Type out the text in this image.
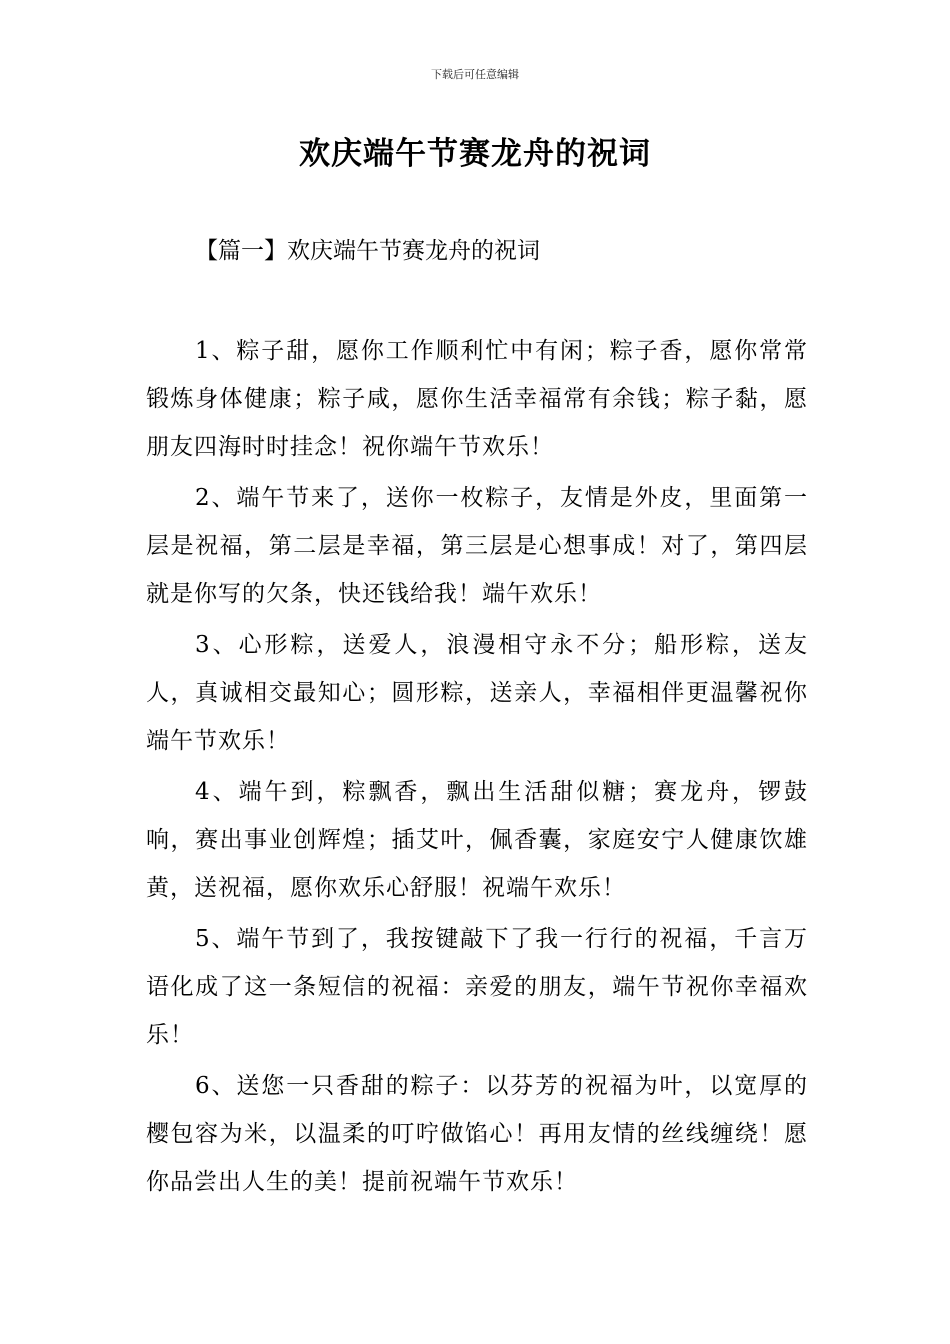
下载后可任意编辑
欢庆端午节赛龙舟的祝词
【篇一】欢庆端午节赛龙舟的祝词

1、粽子甜，愿你工作顺利忙中有闲；粽子香，愿你常常锻炼身体健康；粽子咸，愿你生活幸福常有余钱；粽子黏，愿朋友四海时时挂念！祝你端午节欢乐！

2、端午节来了，送你一枚粽子，友情是外皮，里面第一层是祝福，第二层是幸福，第三层是心想事成！对了，第四层就是你写的欠条，快还钱给我！端午欢乐！

3、心形粽，送爱人，浪漫相守永不分；船形粽，送友人，真诚相交最知心；圆形粽，送亲人，幸福相伴更温馨祝你端午节欢乐！

4、端午到，粽飘香，飘出生活甜似糖；赛龙舟，锣鼓响，赛出事业创辉煌；插艾叶，佩香囊，家庭安宁人健康饮雄黄，送祝福，愿你欢乐心舒服！祝端午欢乐！

5、端午节到了，我按键敲下了我一行行的祝福，千言万语化成了这一条短信的祝福：亲爱的朋友，端午节祝你幸福欢乐！

6、送您一只香甜的粽子：以芬芳的祝福为叶，以宽厚的樱包容为米，以温柔的叮咛做馅心！再用友情的丝线缠绕！愿你品尝出人生的美！提前祝端午节欢乐！
